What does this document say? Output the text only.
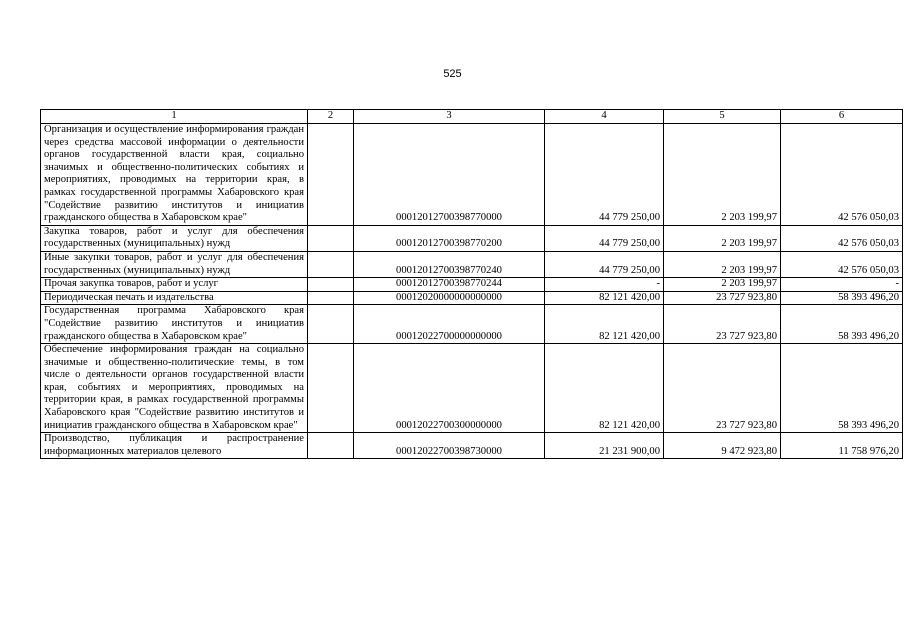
525
1	2	3	4	5	6
Организация и осуществление информирования граждан через средства массовой информации о деятельности органов государственной власти края, социально значимых и общественно-политических событиях и мероприятиях, проводимых на территории края, в рамках государственной программы Хабаровского края "Содействие развитию институтов и инициатив гражданского общества в Хабаровском крае"		00012012700398770000	44 779 250,00	2 203 199,97	42 576 050,03
Закупка товаров, работ и услуг для обеспечения государственных (муниципальных) нужд		00012012700398770200	44 779 250,00	2 203 199,97	42 576 050,03
Иные закупки товаров, работ и услуг для обеспечения государственных (муниципальных) нужд		00012012700398770240	44 779 250,00	2 203 199,97	42 576 050,03
Прочая закупка товаров, работ и услуг		00012012700398770244	-	2 203 199,97	-
Периодическая печать и издательства		00012020000000000000	82 121 420,00	23 727 923,80	58 393 496,20
Государственная программа Хабаровского края "Содействие развитию институтов и инициатив гражданского общества в Хабаровском крае"		00012022700000000000	82 121 420,00	23 727 923,80	58 393 496,20
Обеспечение информирования граждан на социально значимые и общественно-политические темы, в том числе о деятельности органов государственной власти края, событиях и мероприятиях, проводимых на территории края, в рамках государственной программы Хабаровского края "Содействие развитию институтов и инициатив гражданского общества в Хабаровском крае"		00012022700300000000	82 121 420,00	23 727 923,80	58 393 496,20
Производство, публикация и распространение информационных материалов целевого		00012022700398730000	21 231 900,00	9 472 923,80	11 758 976,20
